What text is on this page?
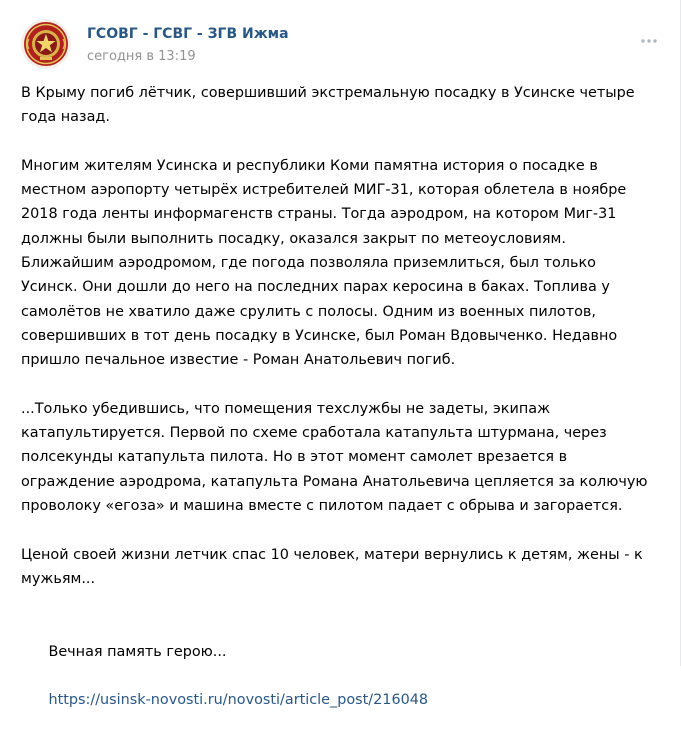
ГСОВГ - ГСВГ - ЗГВ Ижма
сегодня в 13:19

В Крыму погиб лётчик, совершивший экстремальную посадку в Усинске четыре
года назад.

Многим жителям Усинска и республики Коми памятна история о посадке в
местном аэропорту четырёх истребителей МИГ-31, которая облетела в ноябре
2018 года ленты информагенств страны. Тогда аэродром, на котором Миг-31
должны были выполнить посадку, оказался закрыт по метеоусловиям.
Ближайшим аэродромом, где погода позволяла приземлиться, был только
Усинск. Они дошли до него на последних парах керосина в баках. Топлива у
самолётов не хватило даже срулить с полосы. Одним из военных пилотов,
совершивших в тот день посадку в Усинске, был Роман Вдовыченко. Недавно
пришло печальное известие - Роман Анатольевич погиб.

...Только убедившись, что помещения техслужбы не задеты, экипаж
катапультируется. Первой по схеме сработала катапульта штурмана, через
полсекунды катапульта пилота. Но в этот момент самолет врезается в
ограждение аэродрома, катапульта Романа Анатольевича цепляется за колючую
проволоку «егоза» и машина вместе с пилотом падает с обрыва и загорается.

Ценой своей жизни летчик спас 10 человек, матери вернулись к детям, жены - к
мужьям...

Вечная память герою...

https://usinsk-novosti.ru/novosti/article_post/216048
